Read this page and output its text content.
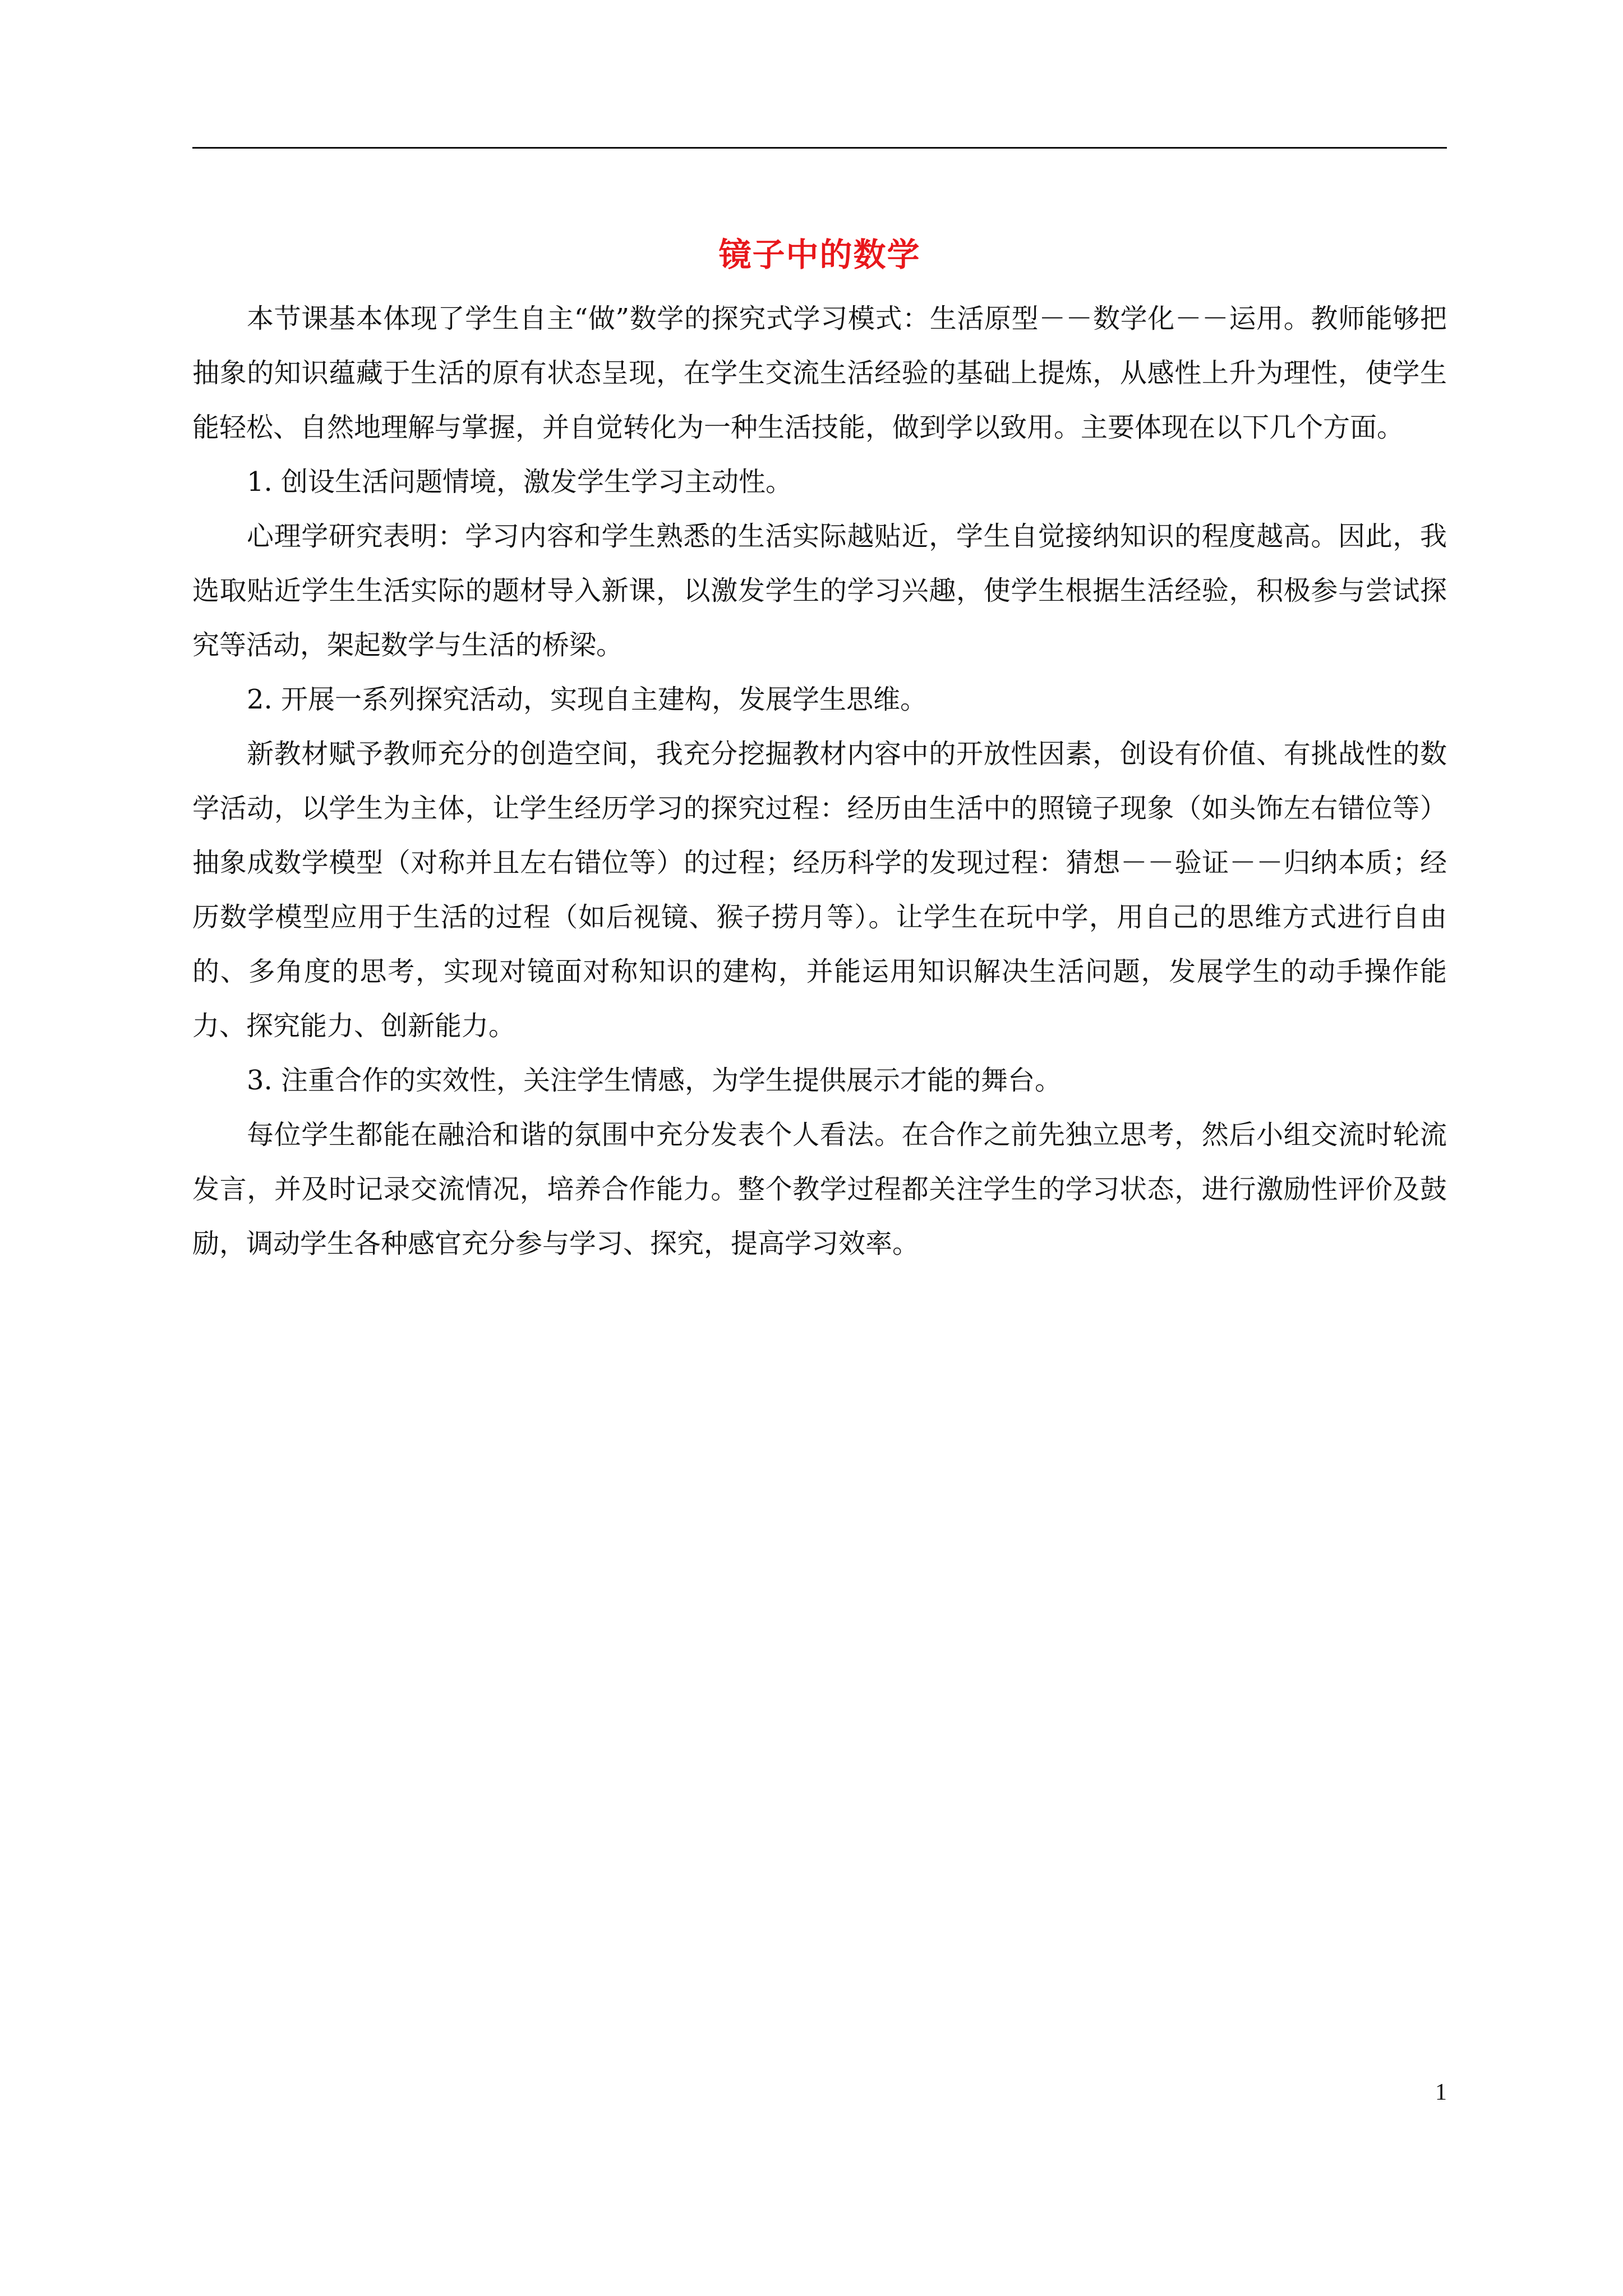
镜子中的数学

本节课基本体现了学生自主“做”数学的探究式学习模式：生活原型－－数学化－－运用。教师能够把抽象的知识蕴藏于生活的原有状态呈现，在学生交流生活经验的基础上提炼，从感性上升为理性，使学生能轻松、自然地理解与掌握，并自觉转化为一种生活技能，做到学以致用。主要体现在以下几个方面。

1. 创设生活问题情境，激发学生学习主动性。

心理学研究表明：学习内容和学生熟悉的生活实际越贴近，学生自觉接纳知识的程度越高。因此，我选取贴近学生生活实际的题材导入新课，以激发学生的学习兴趣，使学生根据生活经验，积极参与尝试探究等活动，架起数学与生活的桥梁。

2. 开展一系列探究活动，实现自主建构，发展学生思维。

新教材赋予教师充分的创造空间，我充分挖掘教材内容中的开放性因素，创设有价值、有挑战性的数学活动，以学生为主体，让学生经历学习的探究过程：经历由生活中的照镜子现象（如头饰左右错位等）抽象成数学模型（对称并且左右错位等）的过程；经历科学的发现过程：猜想－－验证－－归纳本质；经历数学模型应用于生活的过程（如后视镜、猴子捞月等）。让学生在玩中学，用自己的思维方式进行自由的、多角度的思考，实现对镜面对称知识的建构，并能运用知识解决生活问题，发展学生的动手操作能力、探究能力、创新能力。

3. 注重合作的实效性，关注学生情感，为学生提供展示才能的舞台。

每位学生都能在融洽和谐的氛围中充分发表个人看法。在合作之前先独立思考，然后小组交流时轮流发言，并及时记录交流情况，培养合作能力。整个教学过程都关注学生的学习状态，进行激励性评价及鼓励，调动学生各种感官充分参与学习、探究，提高学习效率。

1
